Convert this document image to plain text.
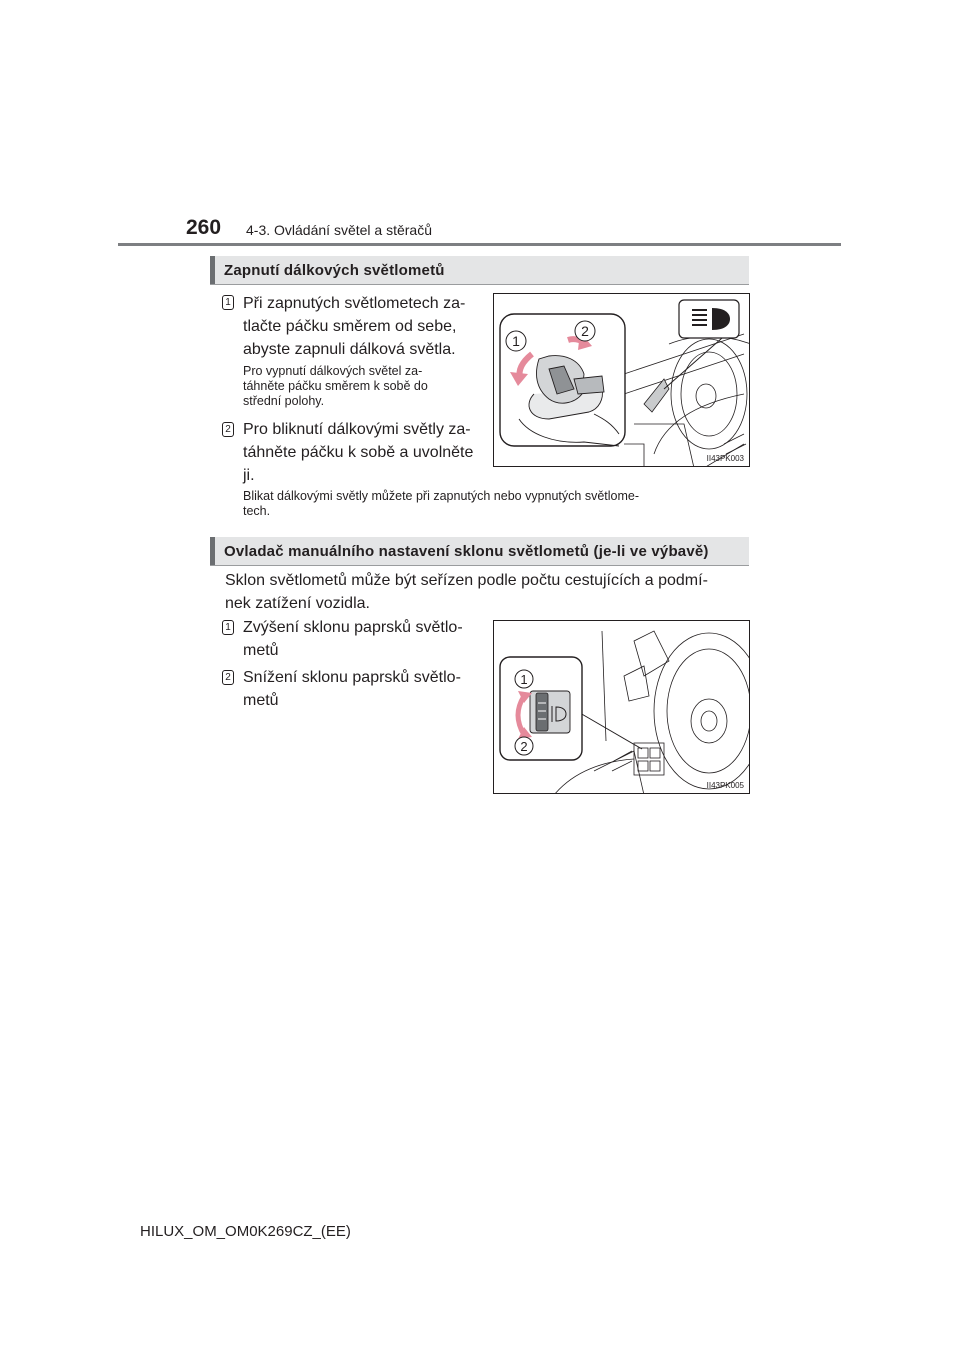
260 4-3. Ovládání světel a stěračů
Zapnutí dálkových světlometů
1 Při zapnutých světlometech za-
tlačte páčku směrem od sebe,
abyste zapnuli dálková světla.
Pro vypnutí dálkových světel za-
táhněte páčku směrem k sobě do
střední polohy.
2 Pro bliknutí dálkovými světly za-
táhněte páčku k sobě a uvolněte
ji.
Blikat dálkovými světly můžete při zapnutých nebo vypnutých světlome-
tech.
1
2
II43PK003
Ovladač manuálního nastavení sklonu světlometů (je-li ve výbavě)
Sklon světlometů může být seřízen podle počtu cestujících a podmí-
nek zatížení vozidla.
1 Zvýšení sklonu paprsků světlo-
metů
2 Snížení sklonu paprsků světlo-
metů
1
2
II43PK005
HILUX_OM_OM0K269CZ_(EE)
